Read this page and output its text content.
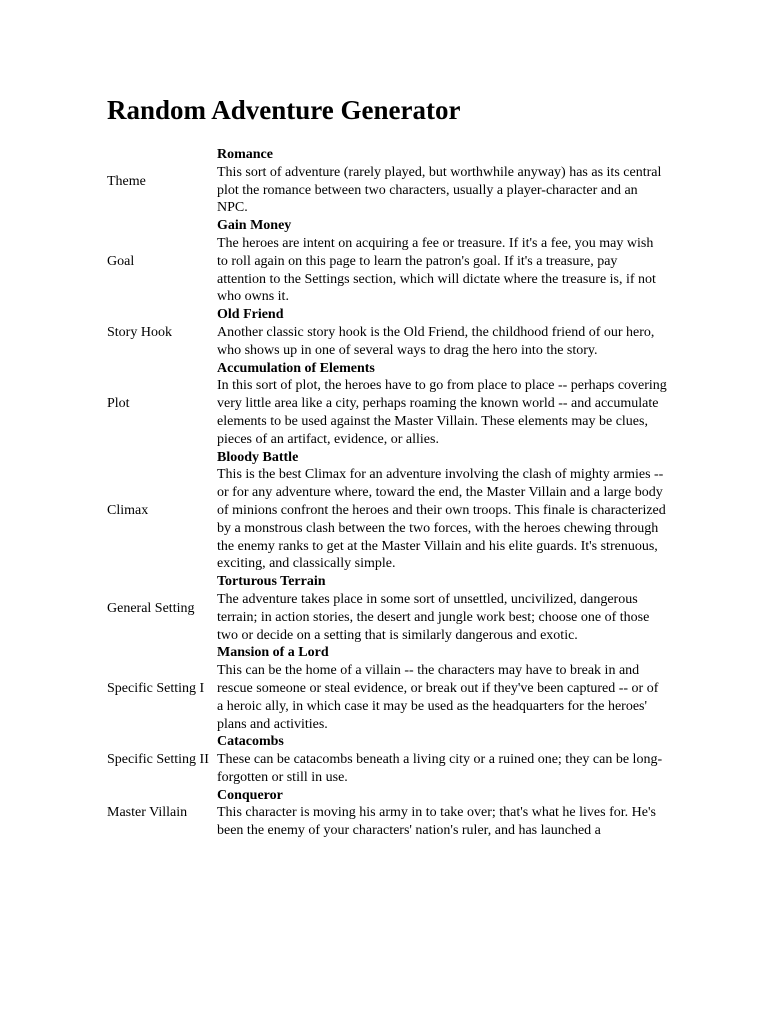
Random Adventure Generator
Theme	Romance
	This sort of adventure (rarely played, but worthwhile anyway) has as its central plot the romance between two characters, usually a player-character and an NPC.
Goal	Gain Money
	The heroes are intent on acquiring a fee or treasure. If it's a fee, you may wish to roll again on this page to learn the patron's goal. If it's a treasure, pay attention to the Settings section, which will dictate where the treasure is, if not who owns it.
Story Hook	Old Friend
	Another classic story hook is the Old Friend, the childhood friend of our hero, who shows up in one of several ways to drag the hero into the story.
Plot	Accumulation of Elements
	In this sort of plot, the heroes have to go from place to place -- perhaps covering very little area like a city, perhaps roaming the known world -- and accumulate elements to be used against the Master Villain. These elements may be clues, pieces of an artifact, evidence, or allies.
Climax	Bloody Battle
	This is the best Climax for an adventure involving the clash of mighty armies -- or for any adventure where, toward the end, the Master Villain and a large body of minions confront the heroes and their own troops. This finale is characterized by a monstrous clash between the two forces, with the heroes chewing through the enemy ranks to get at the Master Villain and his elite guards. It's strenuous, exciting, and classically simple.
General Setting	Torturous Terrain
	The adventure takes place in some sort of unsettled, uncivilized, dangerous terrain; in action stories, the desert and jungle work best; choose one of those two or decide on a setting that is similarly dangerous and exotic.
Specific Setting I	Mansion of a Lord
	This can be the home of a villain -- the characters may have to break in and rescue someone or steal evidence, or break out if they've been captured -- or of a heroic ally, in which case it may be used as the headquarters for the heroes' plans and activities.
Specific Setting II	Catacombs
	These can be catacombs beneath a living city or a ruined one; they can be long-forgotten or still in use.
Master Villain	Conqueror
	This character is moving his army in to take over; that's what he lives for. He's been the enemy of your characters' nation's ruler, and has launched a
